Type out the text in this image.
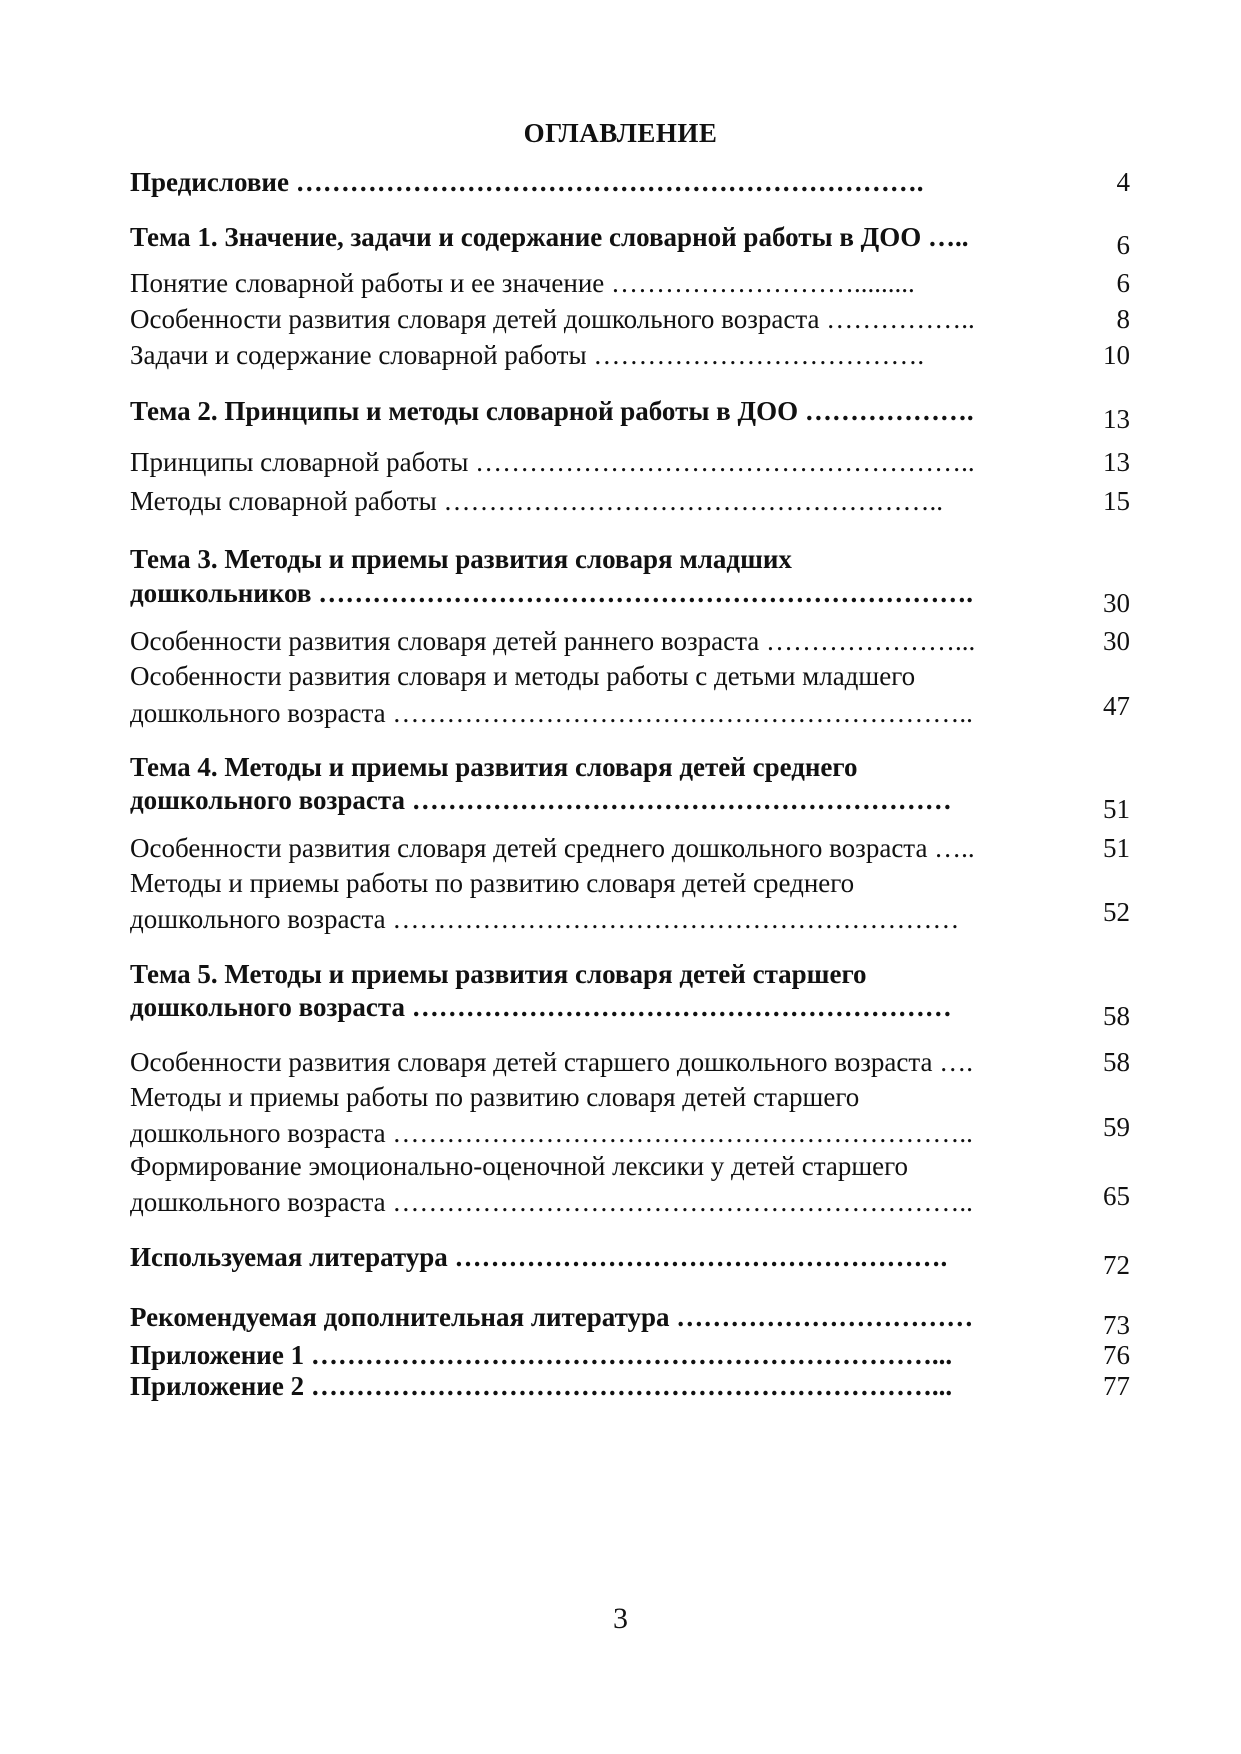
ОГЛАВЛЕНИЕ
Предисловие …………………………………………………………….	4
Тема 1. Значение, задачи и содержание словарной работы в ДОО …..	6
Понятие словарной работы и ее значение ……………………….........	6
Особенности развития словаря детей дошкольного возраста ……………..	8
Задачи и содержание словарной работы ……………………………….	10
Тема 2. Принципы и методы словарной работы в ДОО ……………….	13
Принципы словарной работы ………………………………………………..	13
Методы словарной работы ………………………………………………..	15
Тема 3. Методы и приемы развития словаря младших
дошкольников ……………………………………………………………….	30
Особенности развития словаря детей раннего возраста …………………...	30
Особенности развития словаря и методы работы с детьми младшего
дошкольного возраста ………………………………………………………..	47
Тема 4. Методы и приемы развития словаря детей среднего
дошкольного возраста ……………………………………………………	51
Особенности развития словаря детей среднего дошкольного возраста …..	51
Методы и приемы работы по развитию словаря детей среднего
дошкольного возраста ………………………………………………………	52
Тема 5. Методы и приемы развития словаря детей старшего
дошкольного возраста ……………………………………………………	58
Особенности развития словаря детей старшего дошкольного возраста ….	58
Методы и приемы работы по развитию словаря детей старшего
дошкольного возраста ………………………………………………………..	59
Формирование эмоционально-оценочной лексики у детей старшего
дошкольного возраста ………………………………………………………..	65
Используемая литература ……………………………………………….	72
Рекомендуемая дополнительная литература ……………………………	73
Приложение 1 ……………………………………………………………...	76
Приложение 2 ……………………………………………………………...	77
3
